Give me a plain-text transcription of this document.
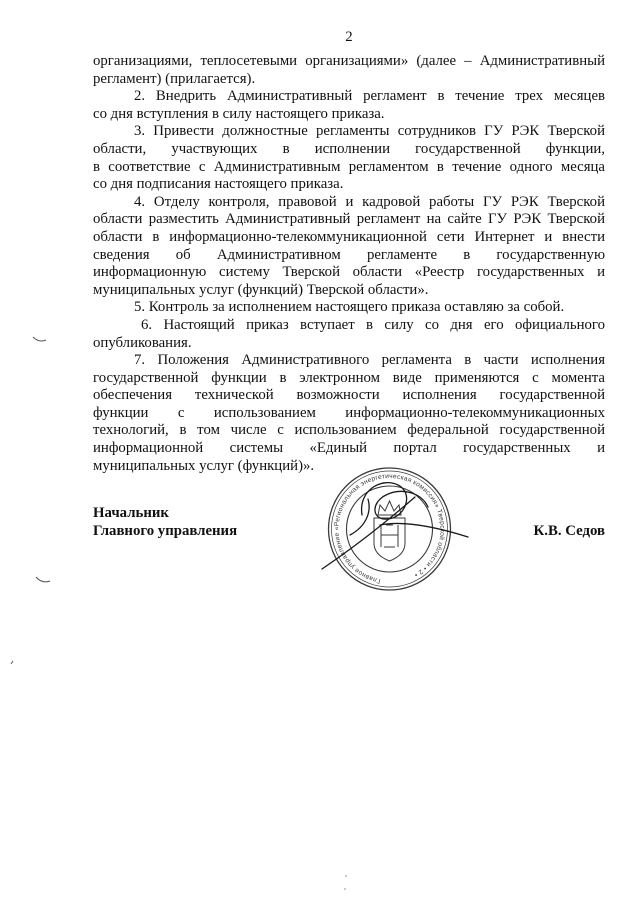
2
организациями, теплосетевыми организациями» (далее – Административный
регламент) (прилагается).
2. Внедрить Административный регламент в течение трех месяцев
со дня вступления в силу настоящего приказа.
3. Привести должностные регламенты сотрудников ГУ РЭК Тверской
области, участвующих в исполнении государственной функции,
в соответствие с Административным регламентом в течение одного месяца
со дня подписания настоящего приказа.
4. Отделу контроля, правовой и кадровой работы ГУ РЭК Тверской
области разместить Административный регламент на сайте ГУ РЭК Тверской
области в информационно-телекоммуникационной сети Интернет и внести
сведения об Административном регламенте в государственную
информационную систему Тверской области «Реестр государственных и
муниципальных услуг (функций) Тверской области».
5. Контроль за исполнением настоящего приказа оставляю за собой.
6. Настоящий приказ вступает в силу со дня его официального
опубликования.
7. Положения Административного регламента в части исполнения
государственной функции в электронном виде применяются с момента
обеспечения технической возможности исполнения государственной
функции с использованием информационно-телекоммуникационных
технологий, в том числе с использованием федеральной государственной
информационной системы «Единый портал государственных и
муниципальных услуг (функций)».
Начальник
Главного управления	К.В. Седов
Главное управление «Региональная энергетическая комиссия» Тверской области • 2 •
